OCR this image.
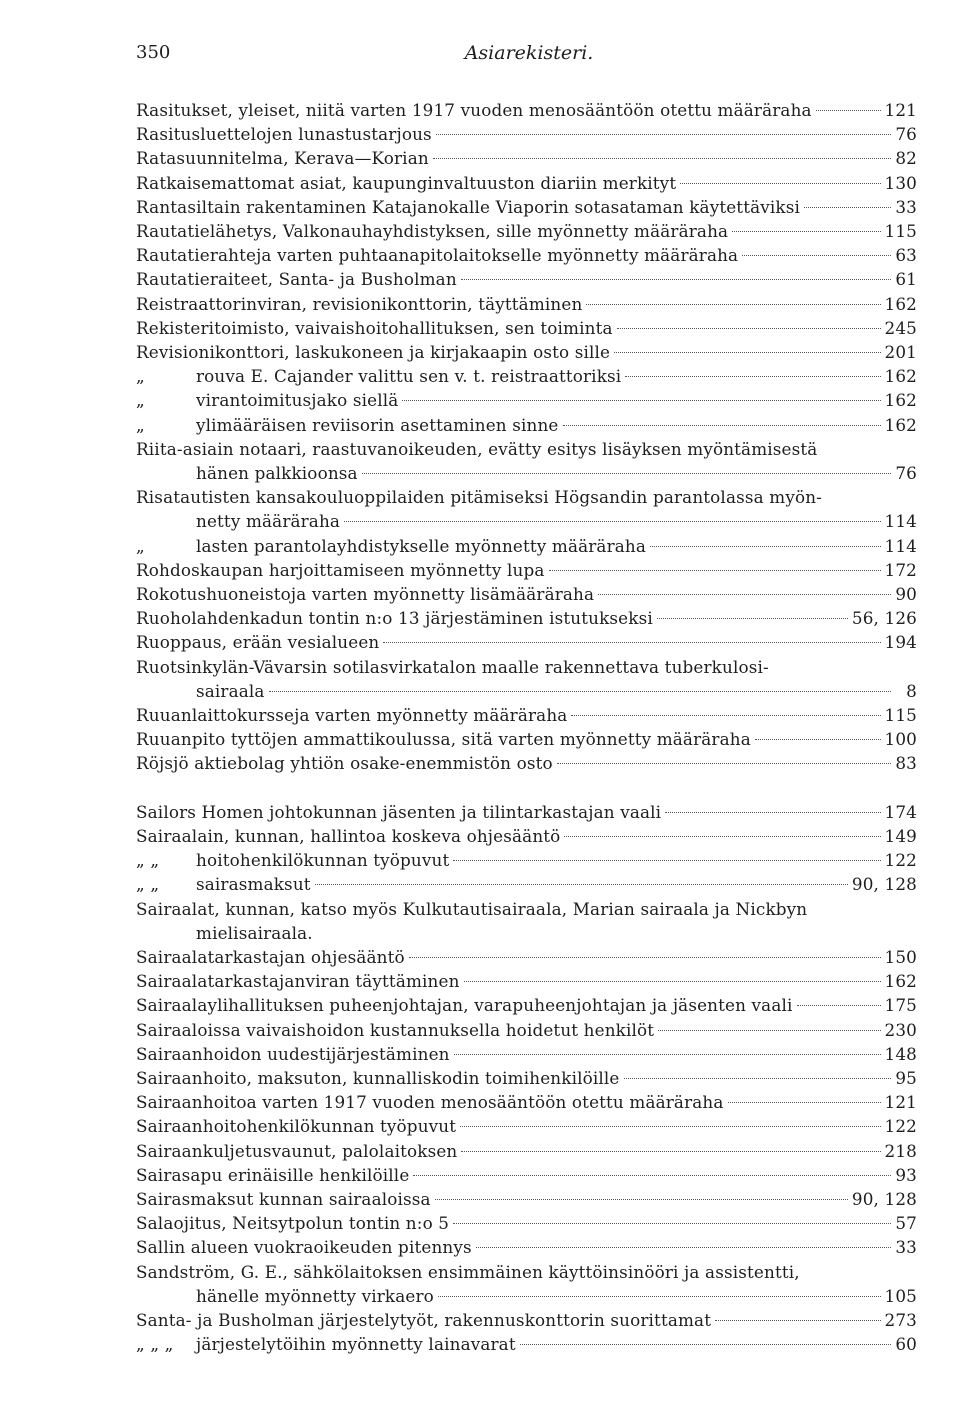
350	Asiarekisteri.
Rasitukset, yleiset, niitä varten 1917 vuoden menosääntöön otettu määräraha	121
Rasitusluettelojen lunastustarjous	76
Ratasuunnitelma, Kerava—Korian	82
Ratkaisemattomat asiat, kaupunginvaltuuston diariin merkityt	130
Rantasiltain rakentaminen Katajanokalle Viaporin sotasataman käytettäviksi	33
Rautatielähetys, Valkonauhayhdistyksen, sille myönnetty määräraha	115
Rautatierahteja varten puhtaanapitolaitokselle myönnetty määräraha	63
Rautatieraiteet, Santa- ja Busholman	61
Reistraattorinviran, revisionikonttorin, täyttäminen	162
Rekisteritoimisto, vaivaishoitohallituksen, sen toiminta	245
Revisionikonttori, laskukoneen ja kirjakaapin osto sille	201
„	rouva E. Cajander valittu sen v. t. reistraattoriksi	162
„	virantoimitusjako siellä	162
„	ylimääräisen reviisorin asettaminen sinne	162
Riita-asiain notaari, raastuvanoikeuden, evätty esitys lisäyksen myöntämisestä
hänen palkkioonsa	76
Risatautisten kansakouluoppilaiden pitämiseksi Högsandin parantolassa myön-
netty määräraha	114
„	lasten parantolayhdistykselle myönnetty määräraha	114
Rohdoskaupan harjoittamiseen myönnetty lupa	172
Rokotushuoneistoja varten myönnetty lisämääräraha	90
Ruoholahdenkadun tontin n:o 13 järjestäminen istutukseksi	56, 126
Ruoppaus, erään vesialueen	194
Ruotsinkylän-Vävarsin sotilasvirkatalon maalle rakennettava tuberkulosi-
sairaala	8
Ruuanlaittokursseja varten myönnetty määräraha	115
Ruuanpito tyttöjen ammattikoulussa, sitä varten myönnetty määräraha	100
Röjsjö aktiebolag yhtiön osake-enemmistön osto	83
Sailors Homen johtokunnan jäsenten ja tilintarkastajan vaali	174
Sairaalain, kunnan, hallintoa koskeva ohjesääntö	149
„ „	hoitohenkilökunnan työpuvut	122
„ „	sairasmaksut	90, 128
Sairaalat, kunnan, katso myös Kulkutautisairaala, Marian sairaala ja Nickbyn
mielisairaala.
Sairaalatarkastajan ohjesääntö	150
Sairaalatarkastajanviran täyttäminen	162
Sairaalaylihallituksen puheenjohtajan, varapuheenjohtajan ja jäsenten vaali	175
Sairaaloissa vaivaishoidon kustannuksella hoidetut henkilöt	230
Sairaanhoidon uudestijärjestäminen	148
Sairaanhoito, maksuton, kunnalliskodin toimihenkilöille	95
Sairaanhoitoa varten 1917 vuoden menosääntöön otettu määräraha	121
Sairaanhoitohenkilökunnan työpuvut	122
Sairaankuljetusvaunut, palolaitoksen	218
Sairasapu erinäisille henkilöille	93
Sairasmaksut kunnan sairaaloissa	90, 128
Salaojitus, Neitsytpolun tontin n:o 5	57
Sallin alueen vuokraoikeuden pitennys	33
Sandström, G. E., sähkölaitoksen ensimmäinen käyttöinsinööri ja assistentti,
hänelle myönnetty virkaero	105
Santa- ja Busholman järjestelytyöt, rakennuskonttorin suorittamat	273
„ „ „	järjestelytöihin myönnetty lainavarat	60
